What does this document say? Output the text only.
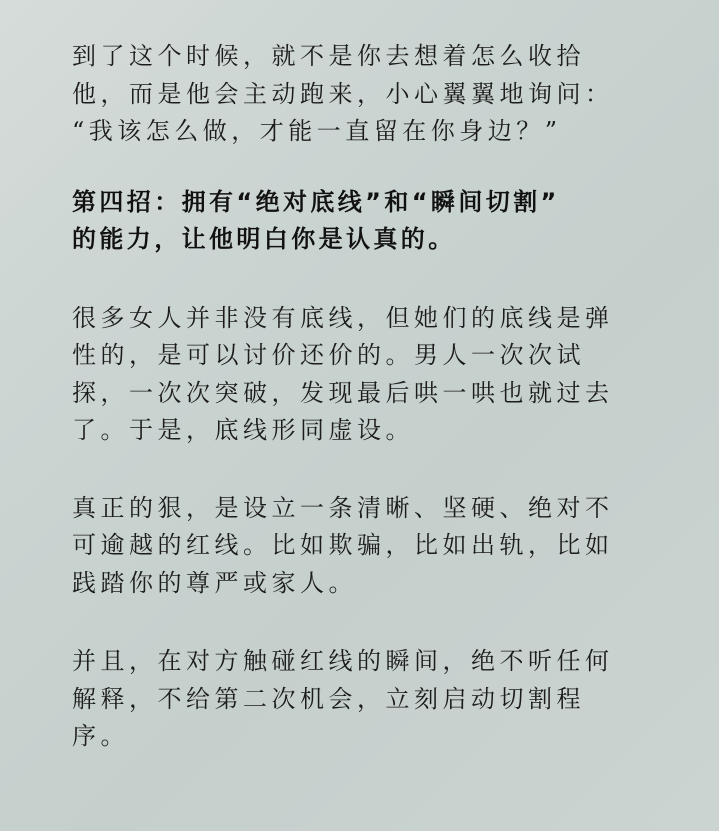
到了这个时候，就不是你去想着怎么收拾
他，而是他会主动跑来，小心翼翼地询问：
“我该怎么做，才能一直留在你身边？”

第四招：拥有“绝对底线”和“瞬间切割”
的能力，让他明白你是认真的。

很多女人并非没有底线，但她们的底线是弹
性的，是可以讨价还价的。男人一次次试
探，一次次突破，发现最后哄一哄也就过去
了。于是，底线形同虚设。

真正的狠，是设立一条清晰、坚硬、绝对不
可逾越的红线。比如欺骗，比如出轨，比如
践踏你的尊严或家人。

并且，在对方触碰红线的瞬间，绝不听任何
解释，不给第二次机会，立刻启动切割程
序。
